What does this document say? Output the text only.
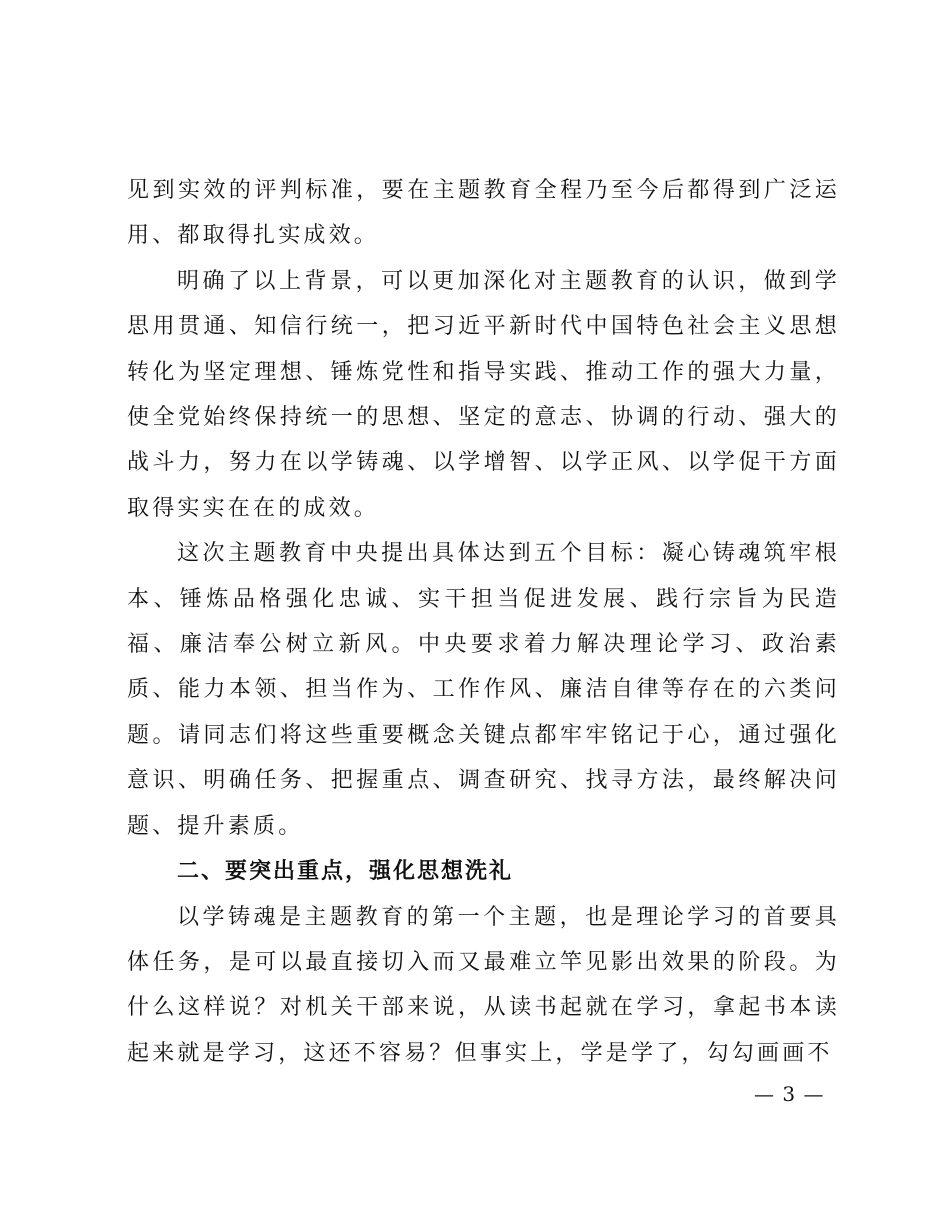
见到实效的评判标准，要在主题教育全程乃至今后都得到广泛运用、都取得扎实成效。

明确了以上背景，可以更加深化对主题教育的认识，做到学思用贯通、知信行统一，把习近平新时代中国特色社会主义思想转化为坚定理想、锤炼党性和指导实践、推动工作的强大力量，使全党始终保持统一的思想、坚定的意志、协调的行动、强大的战斗力，努力在以学铸魂、以学增智、以学正风、以学促干方面取得实实在在的成效。

这次主题教育中央提出具体达到五个目标：凝心铸魂筑牢根本、锤炼品格强化忠诚、实干担当促进发展、践行宗旨为民造福、廉洁奉公树立新风。中央要求着力解决理论学习、政治素质、能力本领、担当作为、工作作风、廉洁自律等存在的六类问题。请同志们将这些重要概念关键点都牢牢铭记于心，通过强化意识、明确任务、把握重点、调查研究、找寻方法，最终解决问题、提升素质。

二、要突出重点，强化思想洗礼

以学铸魂是主题教育的第一个主题，也是理论学习的首要具体任务，是可以最直接切入而又最难立竿见影出效果的阶段。为什么这样说？对机关干部来说，从读书起就在学习，拿起书本读起来就是学习，这还不容易？但事实上，学是学了，勾勾画画不

— 3 —
